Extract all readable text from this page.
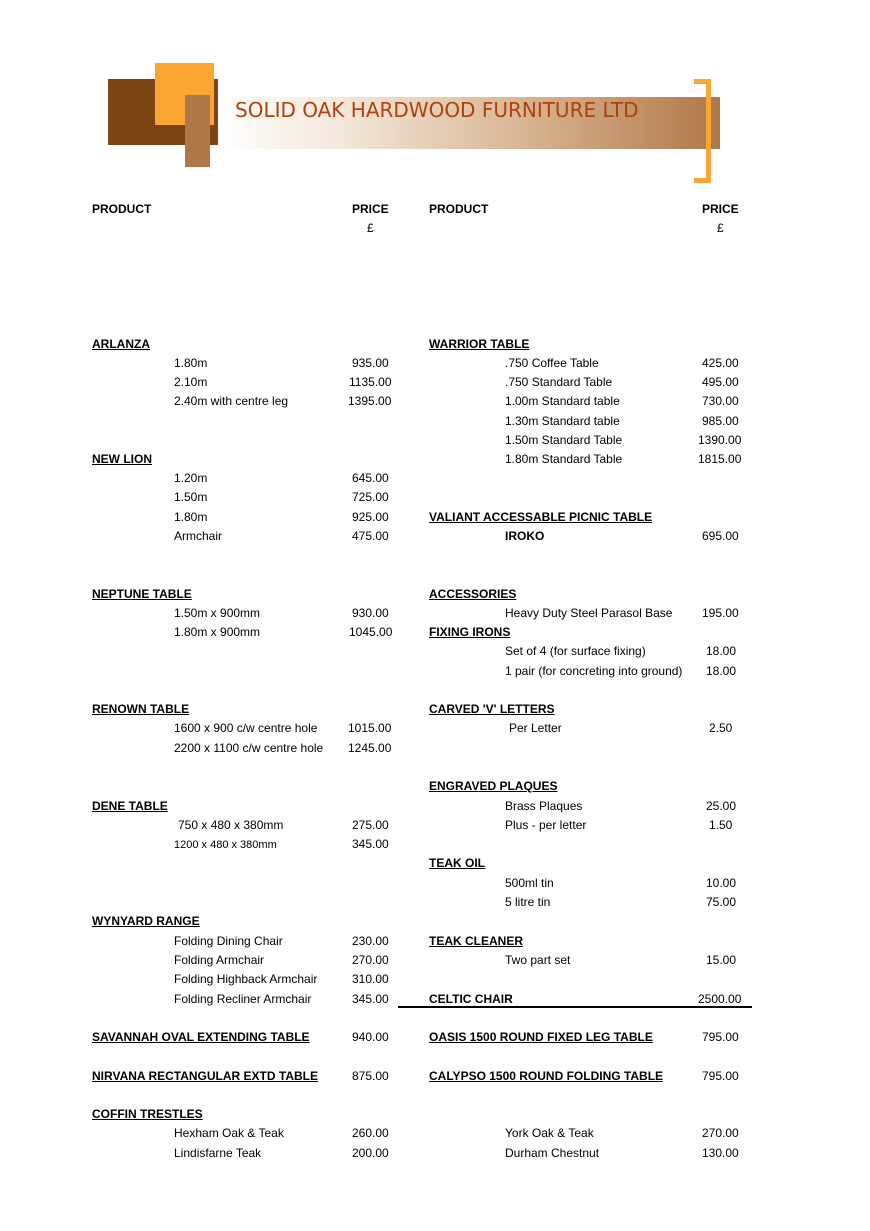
SOLID OAK HARDWOOD FURNITURE LTD
PRODUCT	PRICE
£
PRODUCT	PRICE
£
ARLANZA
1.80m	935.00
2.10m	1135.00
2.40m with centre leg	1395.00
NEW LION
1.20m	645.00
1.50m	725.00
1.80m	925.00
Armchair	475.00
NEPTUNE TABLE
1.50m x 900mm	930.00
1.80m x 900mm	1045.00
RENOWN TABLE
1600 x 900 c/w centre hole	1015.00
2200 x 1100 c/w centre hole 1245.00
DENE TABLE
750 x 480 x 380mm	275.00
1200 x 480 x 380mm	345.00
WYNYARD RANGE
Folding Dining Chair	230.00
Folding Armchair	270.00
Folding Highback Armchair	310.00
Folding Recliner Armchair	345.00
SAVANNAH OVAL EXTENDING TABLE	940.00
NIRVANA RECTANGULAR EXTD TABLE	875.00
COFFIN TRESTLES
Hexham Oak & Teak	260.00
Lindisfarne Teak	200.00
WARRIOR TABLE
.750 Coffee Table	425.00
.750 Standard Table	495.00
1.00m Standard table	730.00
1.30m Standard table	985.00
1.50m Standard Table	1390.00
1.80m Standard Table	1815.00
VALIANT ACCESSABLE PICNIC TABLE
IROKO	695.00
ACCESSORIES
Heavy Duty Steel Parasol Base 195.00
FIXING IRONS
Set of 4 (for surface fixing)	18.00
1 pair (for concreting into ground) 18.00
CARVED 'V' LETTERS
Per Letter	2.50
ENGRAVED PLAQUES
Brass Plaques	25.00
Plus - per letter	1.50
TEAK OIL
500ml tin	10.00
5 litre tin	75.00
TEAK CLEANER
Two part set	15.00
CELTIC CHAIR	2500.00
OASIS 1500 ROUND FIXED LEG TABLE	795.00
CALYPSO 1500 ROUND FOLDING TABLE	795.00
York Oak & Teak	270.00
Durham Chestnut	130.00
